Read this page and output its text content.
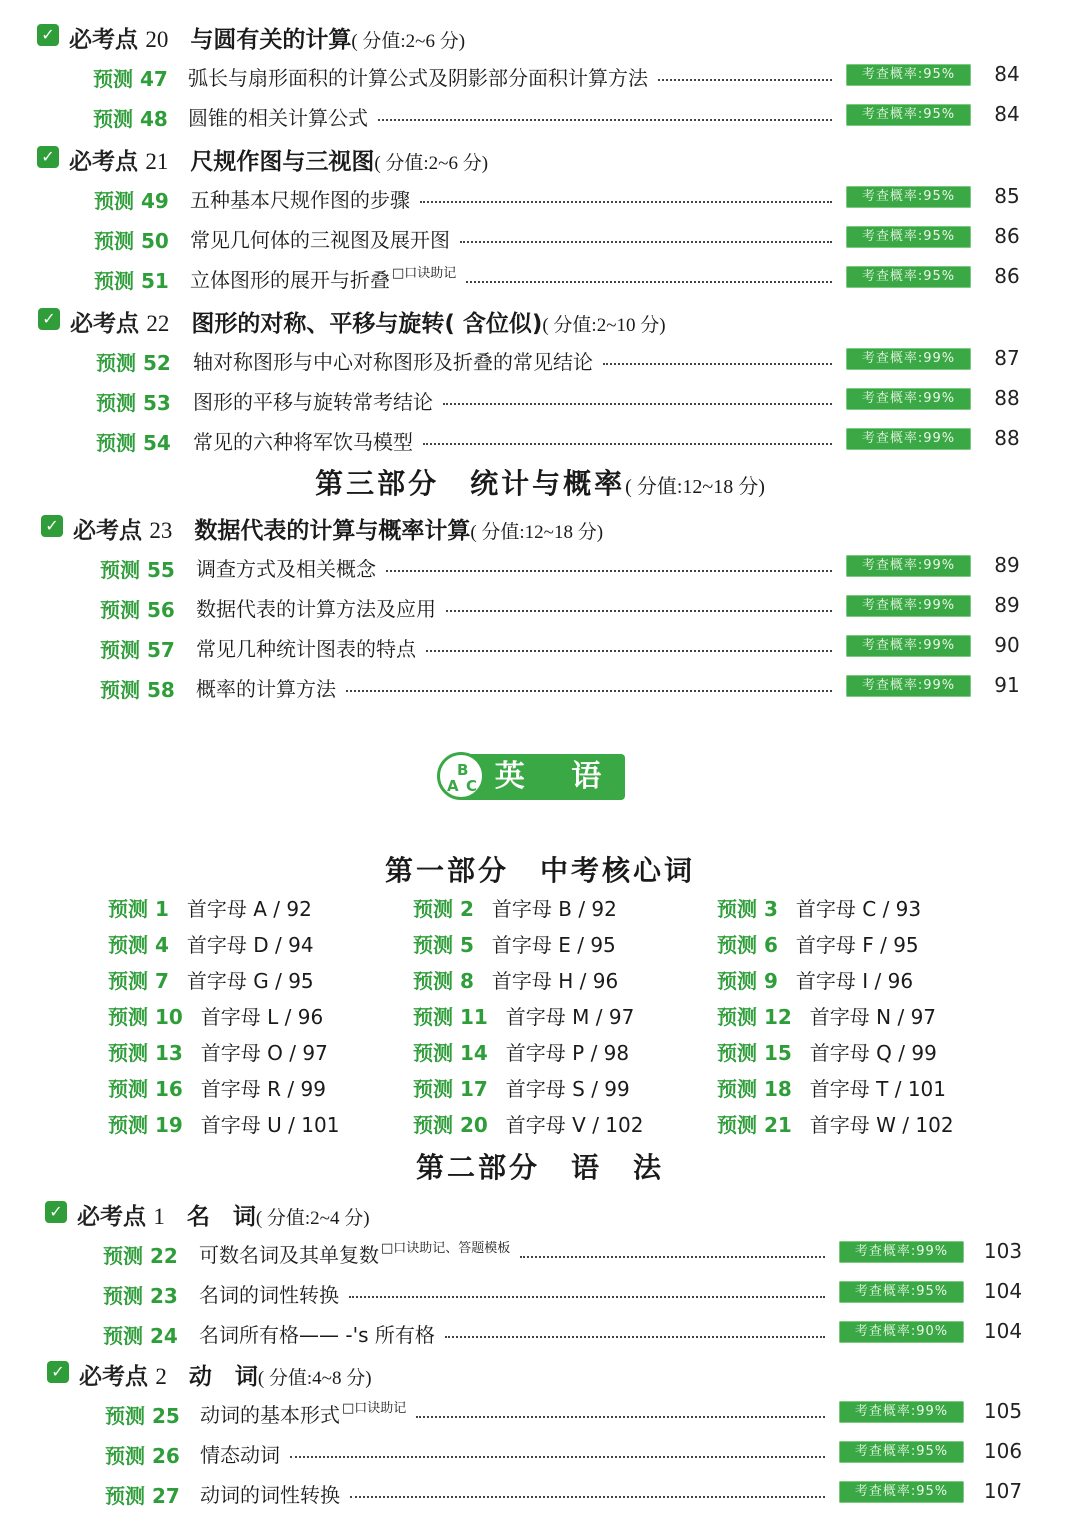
✓ 必考点 20 与圆有关的计算( 分值:2~6 分)
预测 47 弧长与扇形面积的计算公式及阴影部分面积计算方法	考查概率:95%	84
预测 48 圆锥的相关计算公式	考查概率:95%	84
✓ 必考点 21 尺规作图与三视图( 分值:2~6 分)
预测 49 五种基本尺规作图的步骤	考查概率:95%	85
预测 50 常见几何体的三视图及展开图	考查概率:95%	86
预测 51 立体图形的展开与折叠 $^{□口诀助记}$	考查概率:95%	86
✓ 必考点 22 图形的对称、平移与旋转( 含位似)( 分值:2~10 分)
预测 52 轴对称图形与中心对称图形及折叠的常见结论	考查概率:99%	87
预测 53 图形的平移与旋转常考结论	考查概率:99%	88
预测 54 常见的六种将军饮马模型	考查概率:99%	88
第三部分　统计与概率( 分值:12~18 分)
✓ 必考点 23 数据代表的计算与概率计算( 分值:12~18 分)
预测 55 调查方式及相关概念	考查概率:99%	89
预测 56 数据代表的计算方法及应用	考查概率:99%	89
预测 57 常见几种统计图表的特点	考查概率:99%	90
预测 58 概率的计算方法	考查概率:99%	91
英 语
A
B
C
第一部分　中考核心词
预测 1 首字母 A / 92	预测 2 首字母 B / 92	预测 3 首字母 C / 93
预测 4 首字母 D / 94	预测 5 首字母 E / 95	预测 6 首字母 F / 95
预测 7 首字母 G / 95	预测 8 首字母 H / 96	预测 9 首字母 I / 96
预测 10 首字母 L / 96	预测 11 首字母 M / 97	预测 12 首字母 N / 97
预测 13 首字母 O / 97	预测 14 首字母 P / 98	预测 15 首字母 Q / 99
预测 16 首字母 R / 99	预测 17 首字母 S / 99	预测 18 首字母 T / 101
预测 19 首字母 U / 101	预测 20 首字母 V / 102	预测 21 首字母 W / 102
第二部分　语　法
✓ 必考点 1 名　词( 分值:2~4 分)
预测 22 可数名词及其单复数 $^{□口诀助记、答题模板}$	考查概率:99%	103
预测 23 名词的词性转换	考查概率:95%	104
预测 24 名词所有格—— -'s 所有格	考查概率:90%	104
✓ 必考点 2 动　词( 分值:4~8 分)
预测 25 动词的基本形式 $^{□口诀助记}$	考查概率:99%	105
预测 26 情态动词	考查概率:95%	106
预测 27 动词的词性转换	考查概率:95%	107
